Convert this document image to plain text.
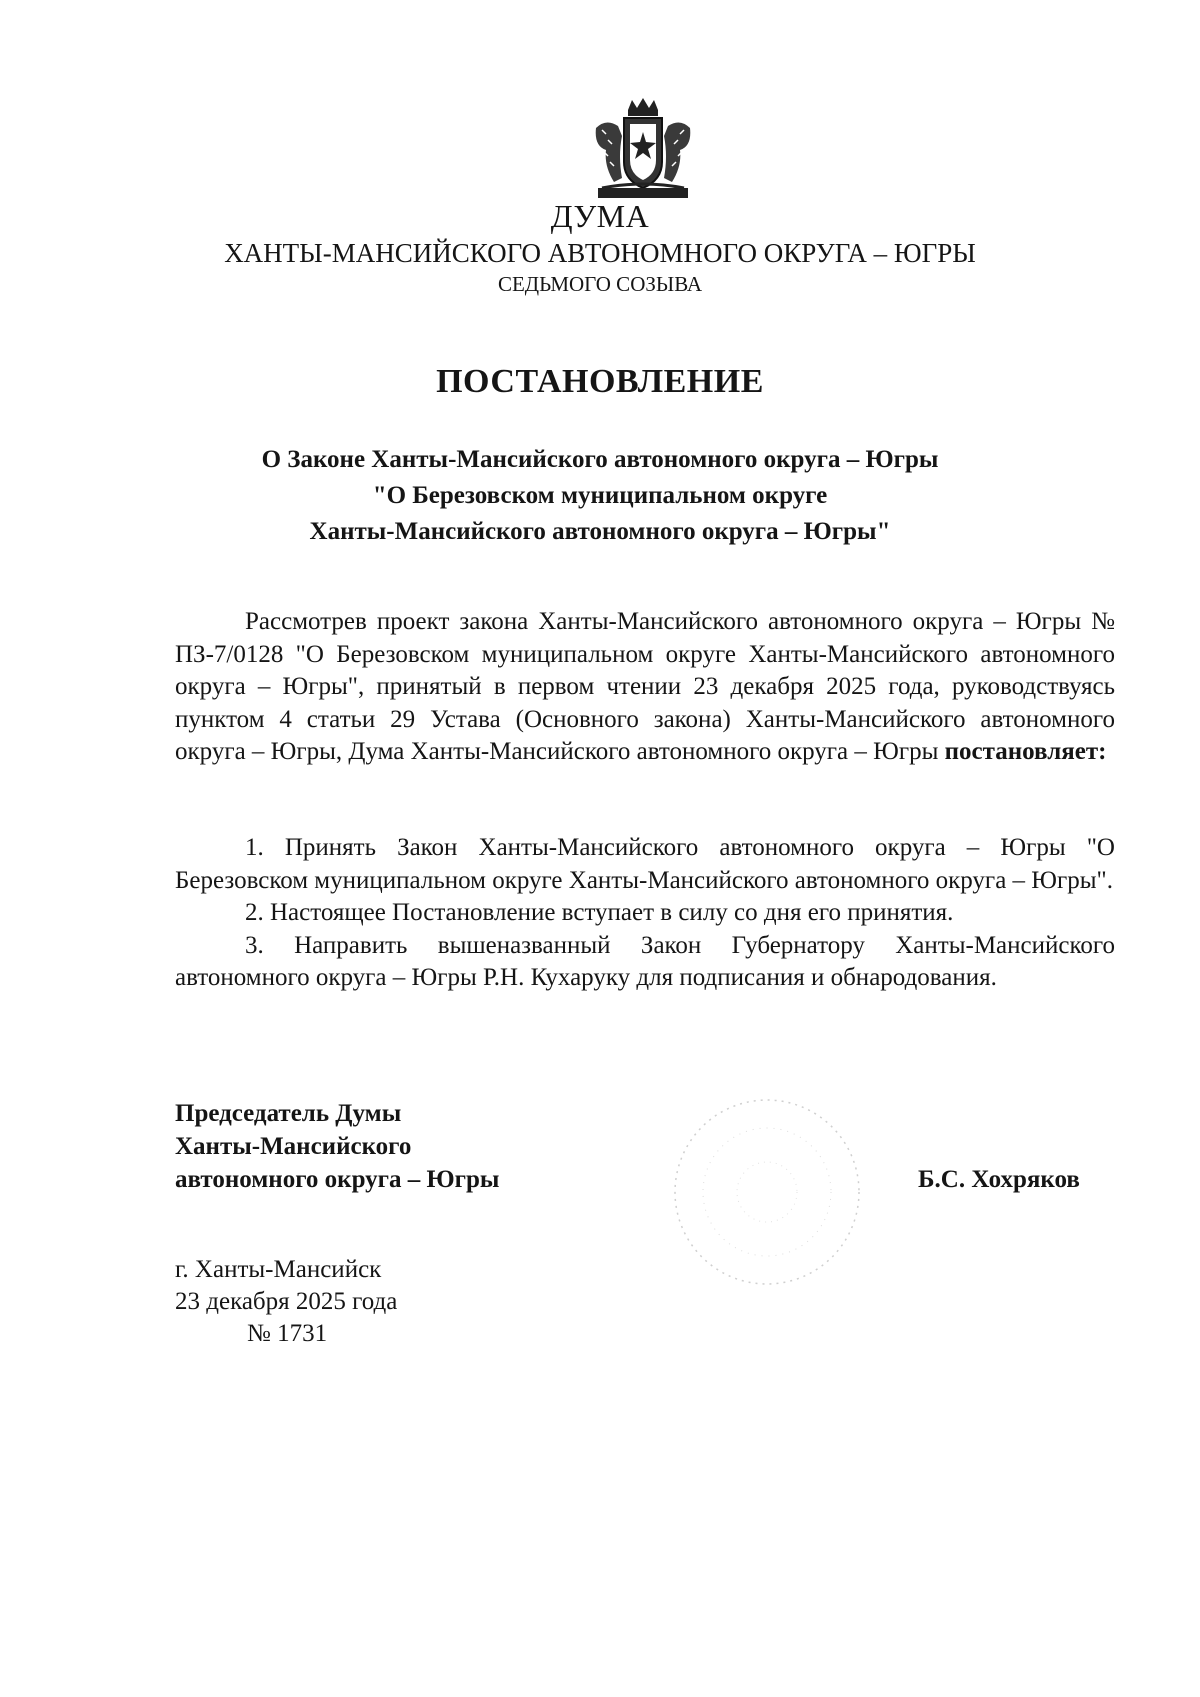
ДУМА
ХАНТЫ-МАНСИЙСКОГО АВТОНОМНОГО ОКРУГА – ЮГРЫ
СЕДЬМОГО СОЗЫВА
ПОСТАНОВЛЕНИЕ
О Законе Ханты-Мансийского автономного округа – Югры
"О Березовском муниципальном округе
Ханты-Мансийского автономного округа – Югры"

Рассмотрев проект закона Ханты-Мансийского автономного округа – Югры № ПЗ-7/0128 "О Березовском муниципальном округе Ханты-Мансийского автономного округа – Югры", принятый в первом чтении 23 декабря 2025 года, руководствуясь пунктом 4 статьи 29 Устава (Основного закона) Ханты-Мансийского автономного округа – Югры, Дума Ханты-Мансийского автономного округа – Югры постановляет:

1. Принять Закон Ханты-Мансийского автономного округа – Югры "О Березовском муниципальном округе Ханты-Мансийского автономного округа – Югры".

2. Настоящее Постановление вступает в силу со дня его принятия.

3. Направить вышеназванный Закон Губернатору Ханты-Мансийского автономного округа – Югры Р.Н. Кухаруку для подписания и обнародования.

Председатель Думы
Ханты-Мансийского
автономного округа – Югры	Б.С. Хохряков
г. Ханты-Мансийск
23 декабря 2025 года
№ 1731
